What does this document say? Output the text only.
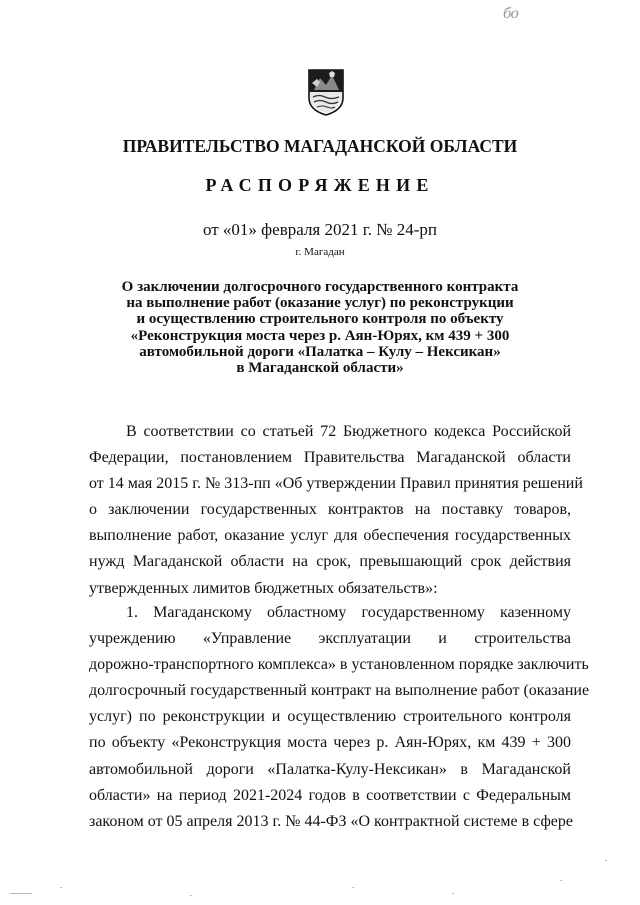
бо
ПРАВИТЕЛЬСТВО МАГАДАНСКОЙ ОБЛАСТИ
РАСПОРЯЖЕНИЕ
от «01» февраля 2021 г. № 24-рп
г. Магадан
О заключении долгосрочного государственного контракта
на выполнение работ (оказание услуг) по реконструкции
и осуществлению строительного контроля по объекту
«Реконструкция моста через р. Аян-Юрях, км 439 + 300
автомобильной дороги «Палатка – Кулу – Нексикан»
в Магаданской области»
В соответствии со статьей 72 Бюджетного кодекса Российской
Федерации, постановлением Правительства Магаданской области
от 14 мая 2015 г. № 313-пп «Об утверждении Правил принятия решений
о заключении государственных контрактов на поставку товаров,
выполнение работ, оказание услуг для обеспечения государственных
нужд Магаданской области на срок, превышающий срок действия
утвержденных лимитов бюджетных обязательств»:
1. Магаданскому областному государственному казенному
учреждению «Управление эксплуатации и строительства
дорожно-транспортного комплекса» в установленном порядке заключить
долгосрочный государственный контракт на выполнение работ (оказание
услуг) по реконструкции и осуществлению строительного контроля
по объекту «Реконструкция моста через р. Аян-Юрях, км 439 + 300
автомобильной дороги «Палатка-Кулу-Нексикан» в Магаданской
области» на период 2021-2024 годов в соответствии с Федеральным
законом от 05 апреля 2013 г. № 44-ФЗ «О контрактной системе в сфере
